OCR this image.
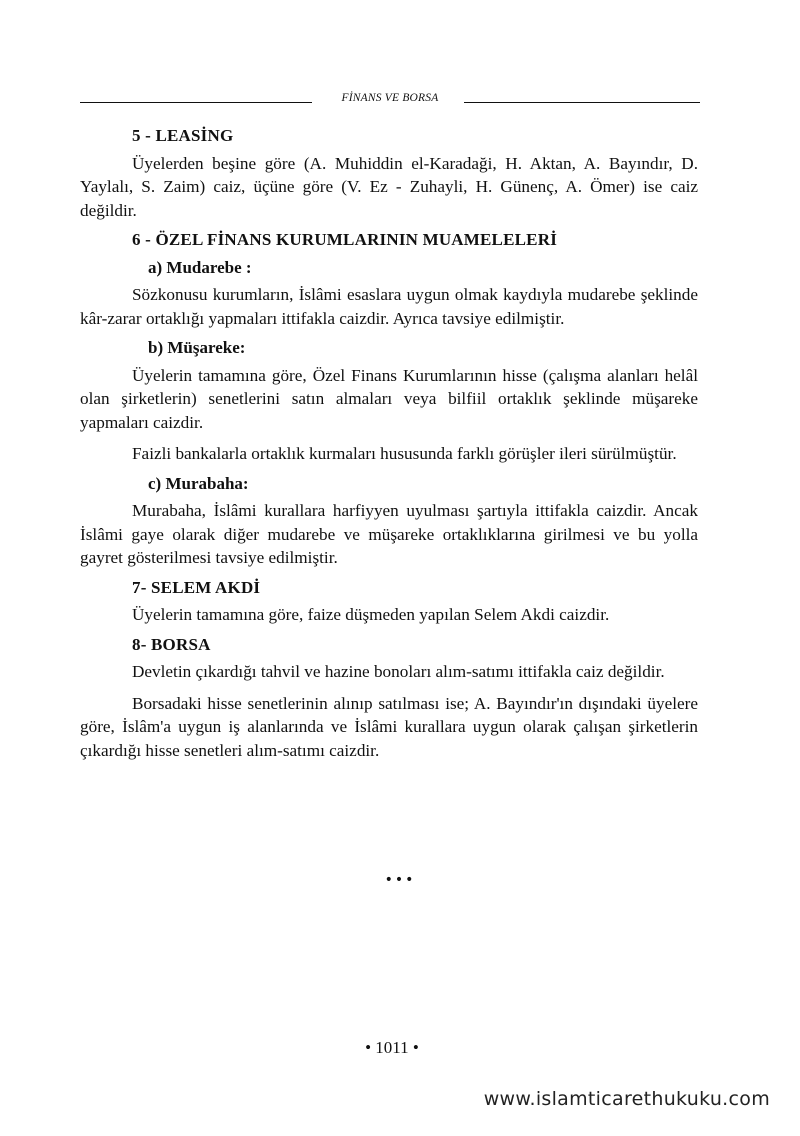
FİNANS VE BORSA
5 - LEASİNG

Üyelerden beşine göre (A. Muhiddin el-Karadaği, H. Aktan, A. Bayındır, D. Yaylalı, S. Zaim) caiz, üçüne göre (V. Ez - Zuhayli, H. Günenç, A. Ömer) ise caiz değildir.

6 - ÖZEL FİNANS KURUMLARININ MUAMELELERİ
a) Mudarebe :

Sözkonusu kurumların, İslâmi esaslara uygun olmak kaydıyla mudarebe şeklinde kâr-zarar ortaklığı yapmaları ittifakla caizdir. Ayrıca tavsiye edilmiştir.

b) Müşareke:

Üyelerin tamamına göre, Özel Finans Kurumlarının hisse (çalışma alanları helâl olan şirketlerin) senetlerini satın almaları veya bilfiil ortaklık şeklinde müşareke yapmaları caizdir.

Faizli bankalarla ortaklık kurmaları hususunda farklı görüşler ileri sürülmüştür.

c) Murabaha:

Murabaha, İslâmi kurallara harfiyyen uyulması şartıyla ittifakla caizdir. Ancak İslâmi gaye olarak diğer mudarebe ve müşareke ortaklıklarına girilmesi ve bu yolla gayret gösterilmesi tavsiye edilmiştir.

7- SELEM AKDİ

Üyelerin tamamına göre, faize düşmeden yapılan Selem Akdi caizdir.

8- BORSA

Devletin çıkardığı tahvil ve hazine bonoları alım-satımı ittifakla caiz değildir.

Borsadaki hisse senetlerinin alınıp satılması ise; A. Bayındır'ın dışındaki üyelere göre, İslâm'a uygun iş alanlarında ve İslâmi kurallara uygun olarak çalışan şirketlerin çıkardığı hisse senetleri alım-satımı caizdir.

•••
• 1011 •
www.islamticarethukuku.com
